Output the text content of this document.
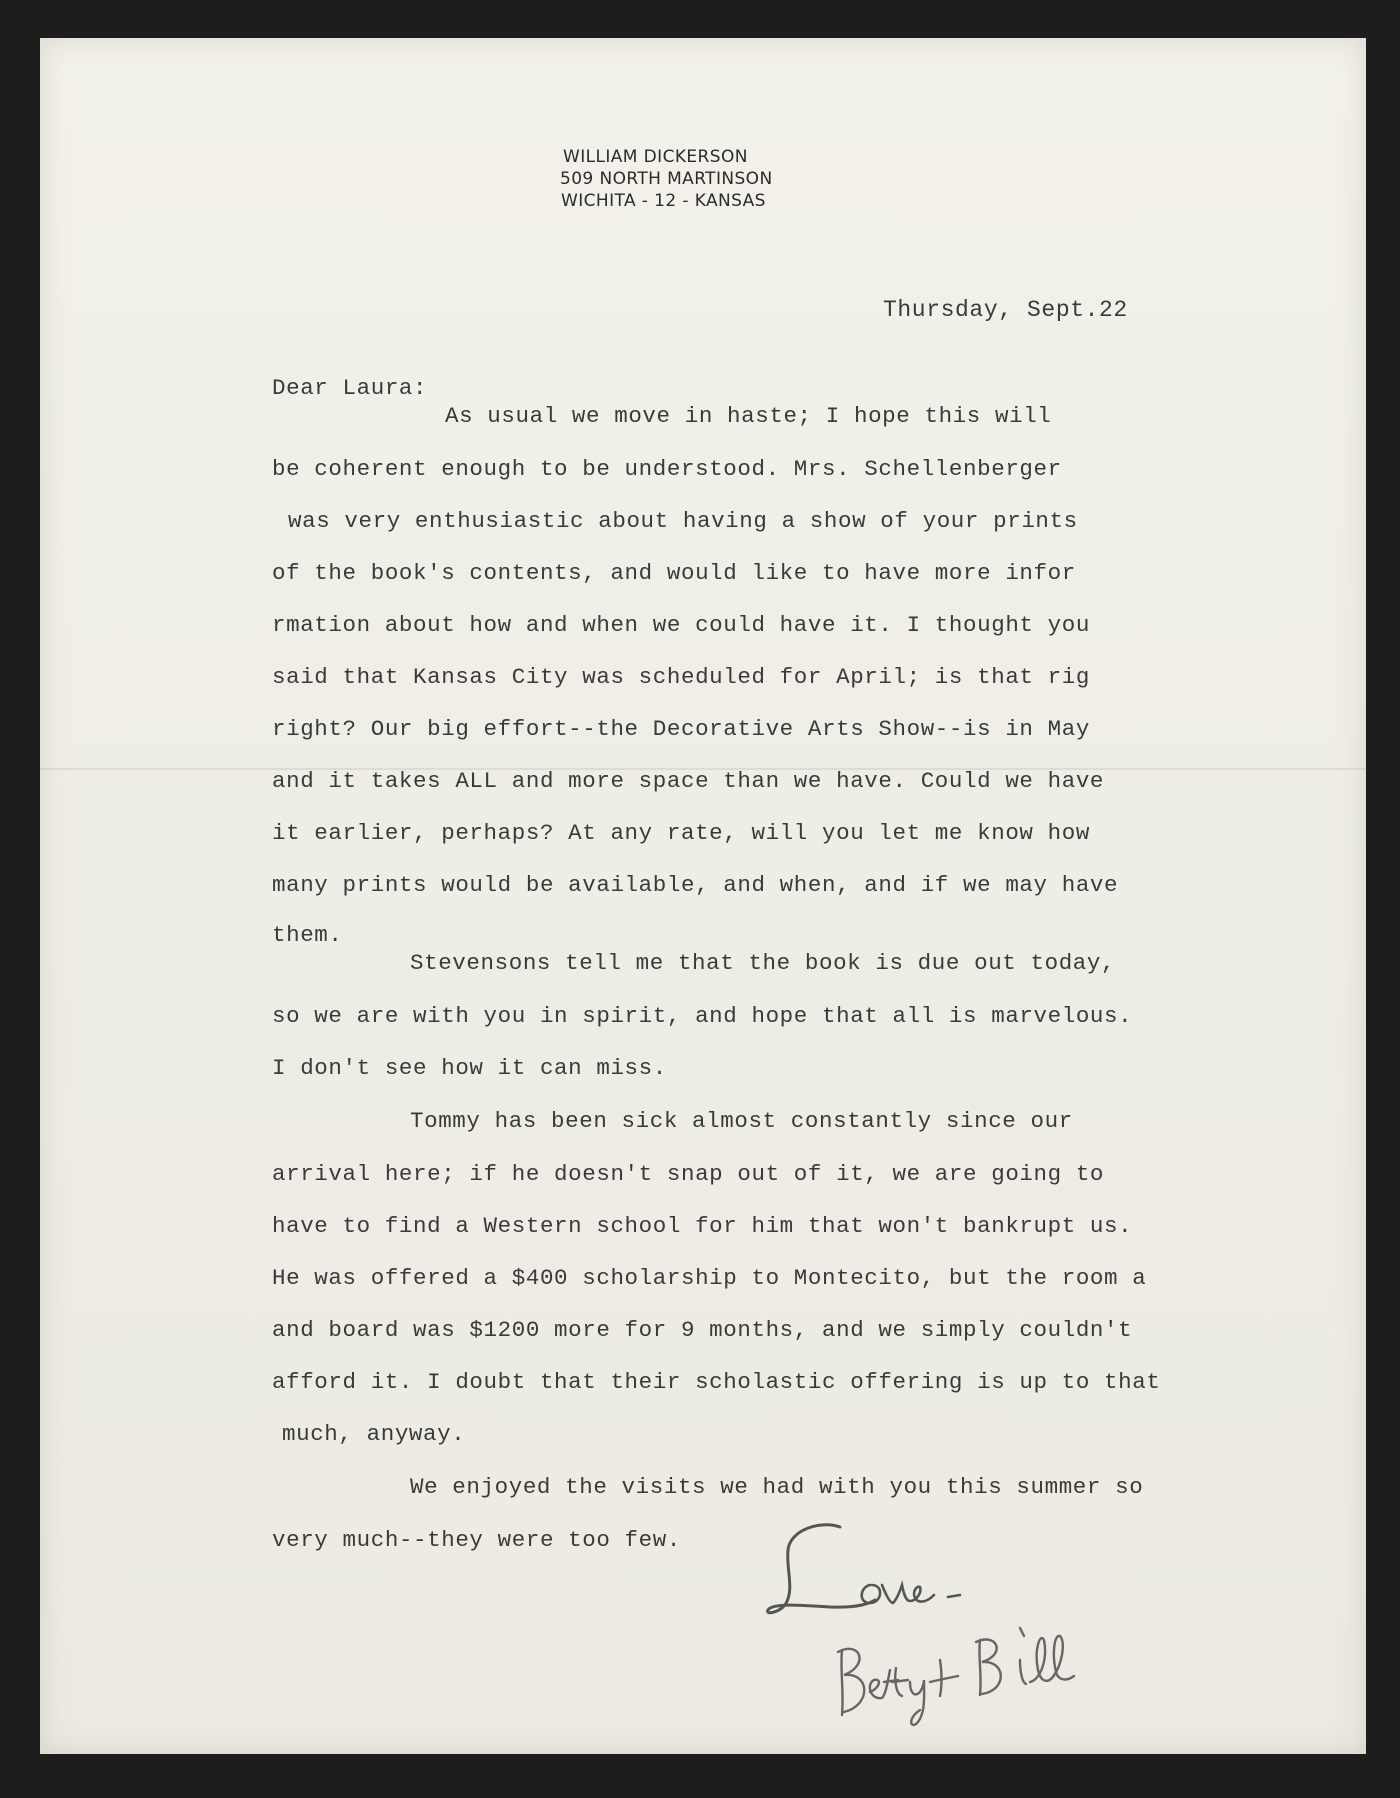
WILLIAM DICKERSON
509 NORTH MARTINSON
WICHITA - 12 - KANSAS
Thursday, Sept.22
Dear Laura:
As usual we move in haste; I hope this will
be coherent enough to be understood. Mrs. Schellenberger
was very enthusiastic about having a show of your prints
of the book's contents, and would like to have more infor
rmation about how and when we could have it. I thought you
said that Kansas City was scheduled for April; is that rig
right? Our big effort--the Decorative Arts Show--is in May
and it takes ALL and more space than we have. Could we have
it earlier, perhaps? At any rate, will you let me know how
many prints would be available, and when, and if we may have
them.
Stevensons tell me that the book is due out today,
so we are with you in spirit, and hope that all is marvelous.
I don't see how it can miss.
Tommy has been sick almost constantly since our
arrival here; if he doesn't snap out of it, we are going to
have to find a Western school for him that won't bankrupt us.
He was offered a $400 scholarship to Montecito, but the room a
and board was $1200 more for 9 months, and we simply couldn't
afford it. I doubt that their scholastic offering is up to that
much, anyway.
We enjoyed the visits we had with you this summer so
very much--they were too few.
